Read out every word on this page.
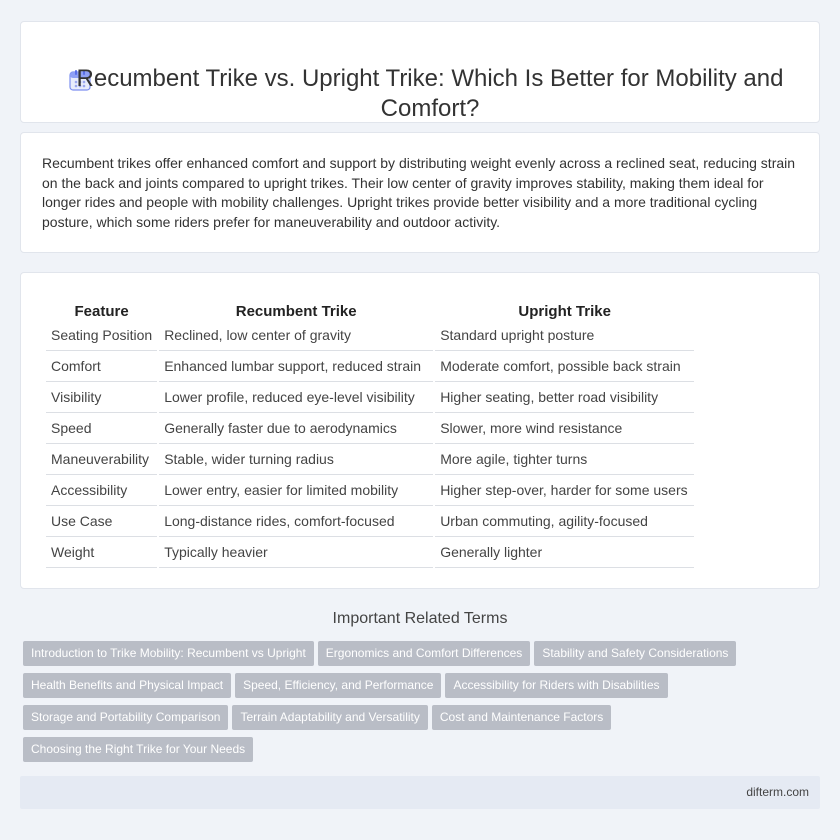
Recumbent Trike vs. Upright Trike: Which Is Better for Mobility and Comfort?

Recumbent trikes offer enhanced comfort and support by distributing weight evenly across a reclined seat, reducing strain on the back and joints compared to upright trikes. Their low center of gravity improves stability, making them ideal for longer rides and people with mobility challenges. Upright trikes provide better visibility and a more traditional cycling posture, which some riders prefer for maneuverability and outdoor activity.

Feature	Recumbent Trike	Upright Trike
Seating Position	Reclined, low center of gravity	Standard upright posture
Comfort	Enhanced lumbar support, reduced strain	Moderate comfort, possible back strain
Visibility	Lower profile, reduced eye-level visibility	Higher seating, better road visibility
Speed	Generally faster due to aerodynamics	Slower, more wind resistance
Maneuverability	Stable, wider turning radius	More agile, tighter turns
Accessibility	Lower entry, easier for limited mobility	Higher step-over, harder for some users
Use Case	Long-distance rides, comfort-focused	Urban commuting, agility-focused
Weight	Typically heavier	Generally lighter
Important Related Terms
Introduction to Trike Mobility: Recumbent vs Upright Ergonomics and Comfort Differences Stability and Safety Considerations
Health Benefits and Physical Impact Speed, Efficiency, and Performance Accessibility for Riders with Disabilities
Storage and Portability Comparison Terrain Adaptability and Versatility Cost and Maintenance Factors
Choosing the Right Trike for Your Needs
difterm.com
